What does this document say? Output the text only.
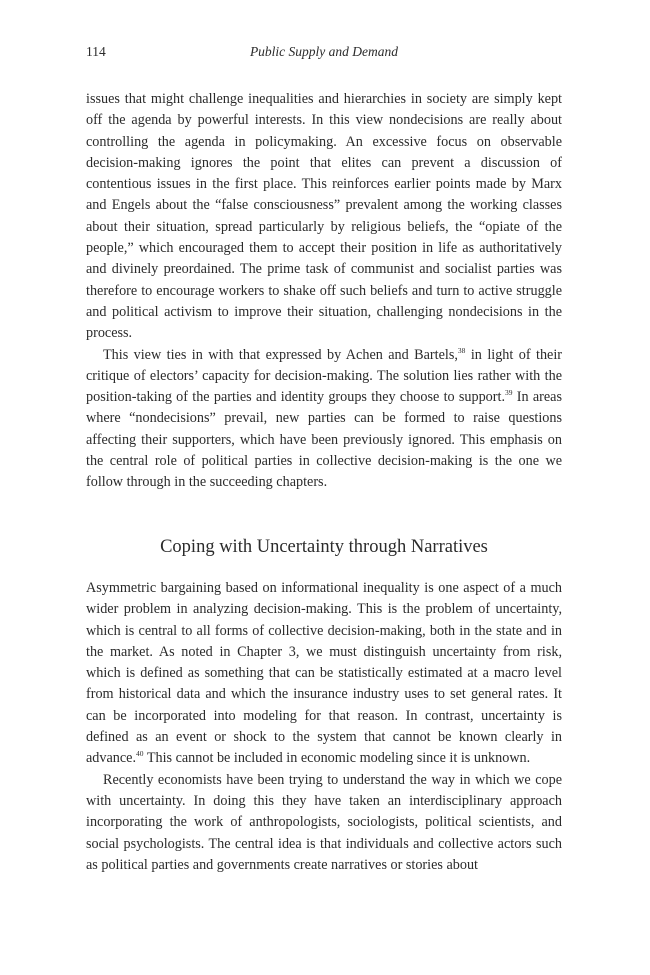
114	Public Supply and Demand

issues that might challenge inequalities and hierarchies in society are simply kept off the agenda by powerful interests. In this view nondecisions are really about controlling the agenda in policymaking. An excessive focus on observable decision-making ignores the point that elites can prevent a discussion of contentious issues in the first place. This reinforces earlier points made by Marx and Engels about the “false consciousness” prevalent among the working classes about their situation, spread particularly by religious beliefs, the “opiate of the people,” which encouraged them to accept their position in life as authoritatively and divinely preordained. The prime task of communist and socialist parties was therefore to encourage workers to shake off such beliefs and turn to active struggle and political activism to improve their situation, challenging nondecisions in the process.

This view ties in with that expressed by Achen and Bartels,$^{38}$ in light of their critique of electors’ capacity for decision-making. The solution lies rather with the position-taking of the parties and identity groups they choose to support.$^{39}$ In areas where “nondecisions” prevail, new parties can be formed to raise questions affecting their supporters, which have been previously ignored. This emphasis on the central role of political parties in collective decision-making is the one we follow through in the succeeding chapters.

Coping with Uncertainty through Narratives

Asymmetric bargaining based on informational inequality is one aspect of a much wider problem in analyzing decision-making. This is the problem of uncertainty, which is central to all forms of collective decision-making, both in the state and in the market. As noted in Chapter 3, we must distinguish uncertainty from risk, which is defined as something that can be statistically estimated at a macro level from historical data and which the insurance industry uses to set general rates. It can be incorporated into modeling for that reason. In contrast, uncertainty is defined as an event or shock to the system that cannot be known clearly in advance.$^{40}$ This cannot be included in economic modeling since it is unknown.

Recently economists have been trying to understand the way in which we cope with uncertainty. In doing this they have taken an interdisciplinary approach incorporating the work of anthropologists, sociologists, political scientists, and social psychologists. The central idea is that individuals and collective actors such as political parties and governments create narratives or stories about
